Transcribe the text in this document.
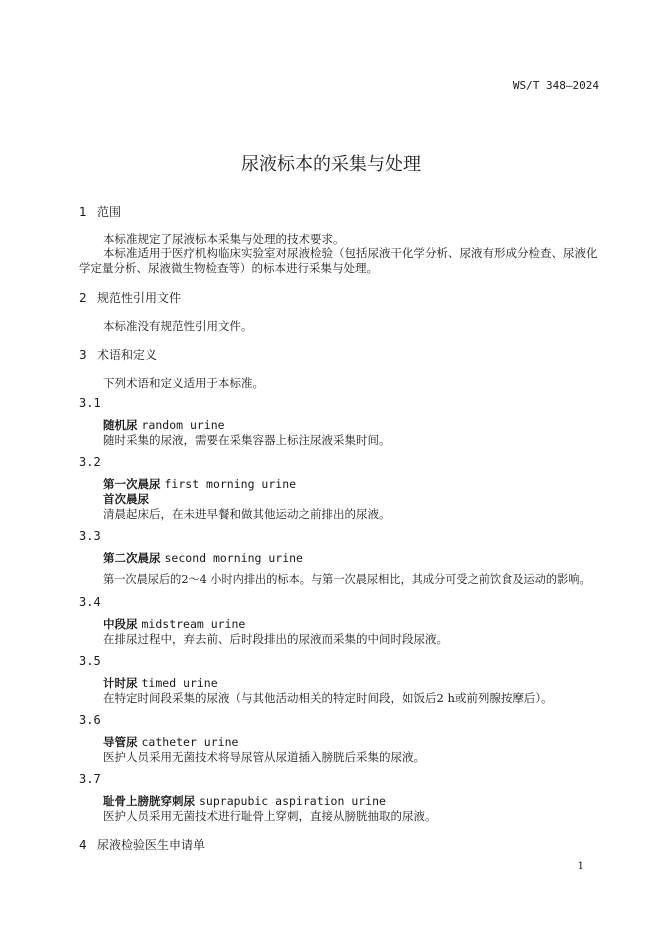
WS/T 348—2024
尿液标本的采集与处理
1 范围
本标准规定了尿液标本采集与处理的技术要求。
本标准适用于医疗机构临床实验室对尿液检验（包括尿液干化学分析、尿液有形成分检查、尿液化
学定量分析、尿液微生物检查等）的标本进行采集与处理。
2 规范性引用文件
本标准没有规范性引用文件。
3 术语和定义
下列术语和定义适用于本标准。
3.1
随机尿 random urine
随时采集的尿液，需要在采集容器上标注尿液采集时间。
3.2
第一次晨尿 first morning urine
首次晨尿
清晨起床后，在未进早餐和做其他运动之前排出的尿液。
3.3
第二次晨尿 second morning urine
第一次晨尿后的2～4 小时内排出的标本。与第一次晨尿相比，其成分可受之前饮食及运动的影响。
3.4
中段尿 midstream urine
在排尿过程中，弃去前、后时段排出的尿液而采集的中间时段尿液。
3.5
计时尿 timed urine
在特定时间段采集的尿液（与其他活动相关的特定时间段，如饭后2 h或前列腺按摩后）。
3.6
导管尿 catheter urine
医护人员采用无菌技术将导尿管从尿道插入膀胱后采集的尿液。
3.7
耻骨上膀胱穿刺尿 suprapubic aspiration urine
医护人员采用无菌技术进行耻骨上穿刺，直接从膀胱抽取的尿液。
4 尿液检验医生申请单
1
